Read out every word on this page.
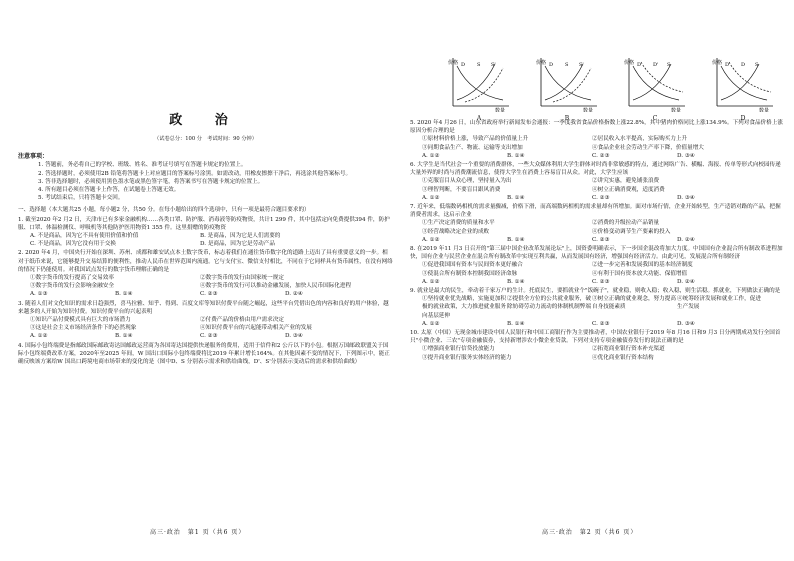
政 治
（试卷总分：100 分　考试时间：90 分钟）
注意事项：

1. 答题前，务必将自己的学校、班级、姓名、准考证号填写在答题卡规定的位置上。

2. 答选择题时，必须使用2B 铅笔将答题卡上对应题目的答案标号涂黑。如需改动，用橡皮擦擦干净后，再选涂其他答案标号。

3. 答非选择题时，必须使用黑色墨水笔或黑色签字笔，将答案书写在答题卡规定的位置上。

4. 所有题目必须在答题卡上作答，在试题卷上答题无效。

5. 考试结束后，只将答题卡交回。

一、选择题（本大题共25 小题，每小题2 分，共50 分。在每小题给出的四个选项中，只有一项是最符合题目要求的）

1. 截至2020 年2 月2 日，天津市已有多家金融机构……各类口罩、防护服、消毒液等防疫物资，共计1 299 件，其中包括定向免费提供394 件，防护服、口罩、体温检测仪、呼吸机等其他防护医用物资1 355 件。这里捐赠的防疫物资

A. 不是商品，因为它不具有使用价值和价值	B. 是商品，因为它是人们需要的
C. 不是商品，因为它没有用于交换	D. 是商品，因为它是劳动产品

2. 2020 年4 月，中国央行开始在深圳、苏州、成都和雄安试点本土数字货币，标志着我们在通往货币数字化的道路上迈出了具有重要意义的一步。相对于纸币来说，它能够提升交易结算的便利性，推动人民币在世界范围内流通。它与支付宝、微信支付相比，不同在于它同样具有货币属性，在没有网络的情况下仍能使用。对我国试点发行的数字货币理解正确的是

①数字货币的发行提高了交易效率	②数字货币的发行由国家统一规定
③数字货币的发行会影响金融安全	④数字货币的发行可以推动金融发展，加快人民币国际化进程
A. ①③	B. ①④	C. ②③	D. ②④

3. 随着人们对文化知识的需求日趋强烈，喜马拉雅、知乎、得到、百度文库等知识付费平台随之崛起，这些平台凭借出色的内容和良好的用户体验，越来越多的人开始为知识付费。知识付费平台的兴起表明

①知识产品付费模式具有巨大的市场潜力	②付费产品的价格由用户需求决定
③这是社会主义市场经济条件下的必然现象	④知识付费平台的兴起能带动相关产业的发展
A. ①②	B. ①④	C. ②③	D. ③④

4. 国际小包终端费是指邮政国际邮政寄达国邮政运营商为各国寄达国提供快递服务的费用，适用于信件和2 公斤以下的小包。根据万国邮政联盟关于国际小包终端费改革方案，2020年至2025 年间，W 国出口国际小包终端费将比2019 年累计增长164%。在其他因素不变的情况下，下列图示中，能正确反映该方案给W 国出口跨境电商市场带来的变化的是（图中D、S 分别表示需求和供给曲线，D'、S'分别表示变动后的需求和供给曲线）

5. 2020 年4 月26 日，山东省政府举行新闻发布会通报：一季度我省食品价格指数上涨22.8%，其中猪肉价格同比上涨134.9%。下列对食品价格上涨原因分析合理的是

①原材料价格上涨，导致产品的价值量上升	②居民收入水平提高，实际购买力上升
③同期食品生产、物流、运输等支出增加	④食品企业社会劳动生产率下降，价值量增大
A. ①②	B. ①④	C. ②③	D. ③④

6. 大学生是当代社会一个重要的消费群体，一些大众媒体利用大学生群体对时尚非常敏感的特点，通过网络广告、横幅、海报、传单等形式向校园传递大量外界的时尚与消费潮流信息，使得大学生在消费上容易盲目从众。对此，大学生应该

①克服盲目从众心理，坚持量入为出	②讲究实惠，避免铺张浪费
③理智判断，不要盲目跟风消费	④树立正确消费观，适度消费
A. ①②	B. ①④	C. ②③	D. ③④

7. 近年来，低端数码相机的需求量骤减，价格下滑，而高端数码相机的需求量却有所增加。面对市场行情，企业开始转型，生产适销对路的产品，把握消费者需求，这启示企业

①生产决定消费的质量和水平	②消费的升级拉动产品销量
③经营战略决定企业的成败	④价格变动调节生产要素的投入
A. ①②	B. ①④	C. ②③	D. ②④

8. 在2019 年11 月3 日召开的"第三届中国企业改革发展论坛"上，国资委明确表示，下一步国企混改将加大力度。中国国有企业混合所有制改革进程加快，国有企业与民营企业在混合所有制改革中实现互利共赢，从而发展国有经济，增强国有经济活力。由此可见，发展混合所有制经济

①促进我国国有资本与民间资本更好融合	②进一步完善和发展我国的基本经济制度
③使混合所有制资本控制我国经济命脉	④有利于国有资本放大功能、保值增值
A. ①②	B. ①④	C. ②③	D. ②④

9. 就业是最大的民生，牵动着千家万户的生计。托底民生，要抓就业个"饭碗子"，就业稳，则收入稳；收入稳，则生活稳。抓就业，下列做法正确的是

①坚持就业优先战略，实施更加积极的就业政策，大力推进就业服务向基层延伸
②提供全方位的公共就业服务，破除妨碍劳动力流动的体制机制弊端
③树立正确的就业观念，努力提高自身技能素质
④统筹经济发展和就业工作，促进生产发展
A. ①②	B. ①④	C. ②③	D. ③④

10. 太原（中国）无现金城市建设中国人民银行和中国工商银行作为主要推动者，中国农业银行于2019 年8 月16 日和9 月3 日分两期成功发行全国首只"小微企业、三农"专项金融债券，支持新增涉农小微企业贷款。下列对支持专项金融债券发行的说法正确的是

①增强商业银行信贷投放能力	②拓宽商业银行资本补充渠道
③提升商业银行服务实体经济的能力	④优化商业银行资本结构
价格
数量
D S S'
A
价格
数量
D S S'
B
价格
数量
D D' S
C
价格
数量
D' D S
D
高三·政治　第1 页（共6 页）	高三·政治　第2 页（共6 页）
